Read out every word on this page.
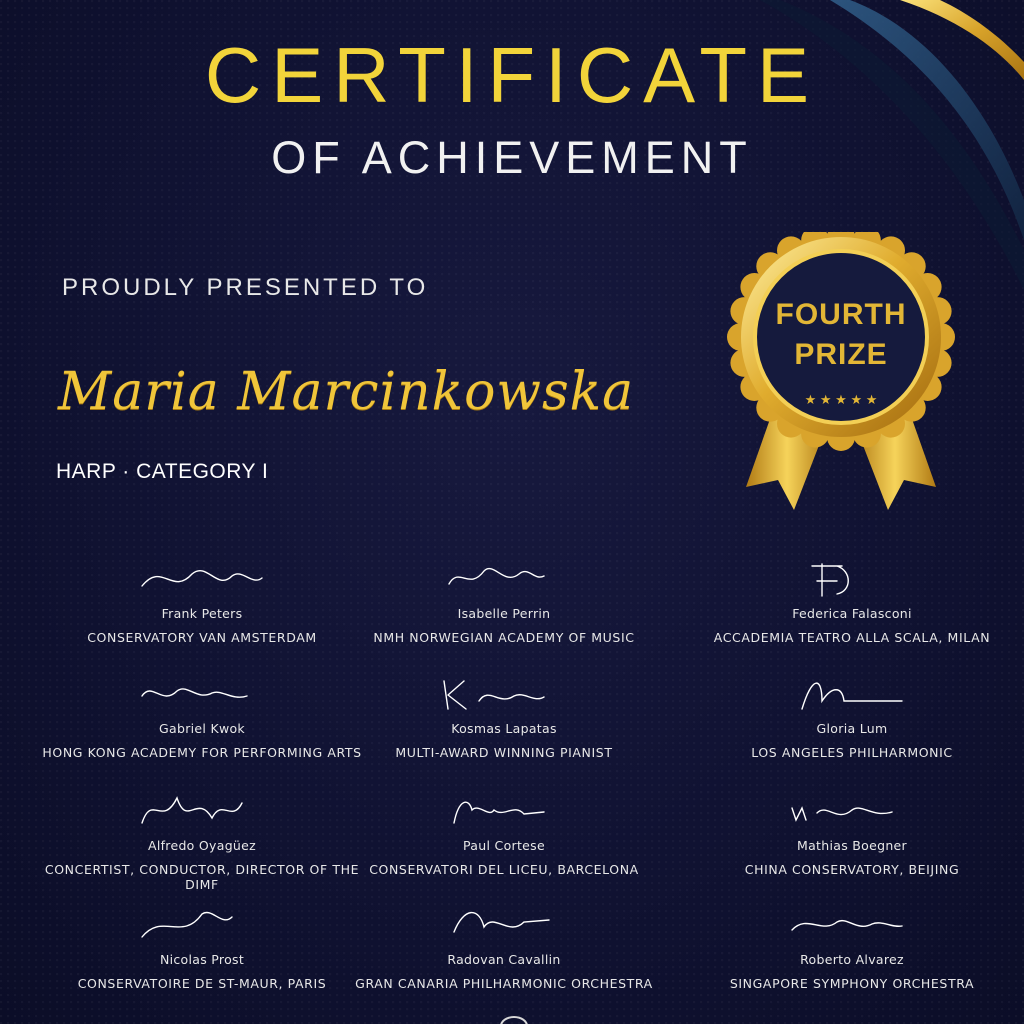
CERTIFICATE
OF ACHIEVEMENT
PROUDLY PRESENTED TO
Maria Marcinkowska
HARP · CATEGORY I
FOURTH
PRIZE
★ ★ ★ ★ ★
Frank Peters
CONSERVATORY VAN AMSTERDAM
Isabelle Perrin
NMH NORWEGIAN ACADEMY OF MUSIC
Federica Falasconi
ACCADEMIA TEATRO ALLA SCALA, MILAN
Gabriel Kwok
HONG KONG ACADEMY FOR PERFORMING ARTS
Kosmas Lapatas
MULTI-AWARD WINNING PIANIST
Gloria Lum
LOS ANGELES PHILHARMONIC
Alfredo Oyagüez
CONCERTIST, CONDUCTOR, DIRECTOR OF THE DIMF
Paul Cortese
CONSERVATORI DEL LICEU, BARCELONA
Mathias Boegner
CHINA CONSERVATORY, BEIJING
Nicolas Prost
CONSERVATOIRE DE ST-MAUR, PARIS
Radovan Cavallin
GRAN CANARIA PHILHARMONIC ORCHESTRA
Roberto Alvarez
SINGAPORE SYMPHONY ORCHESTRA
